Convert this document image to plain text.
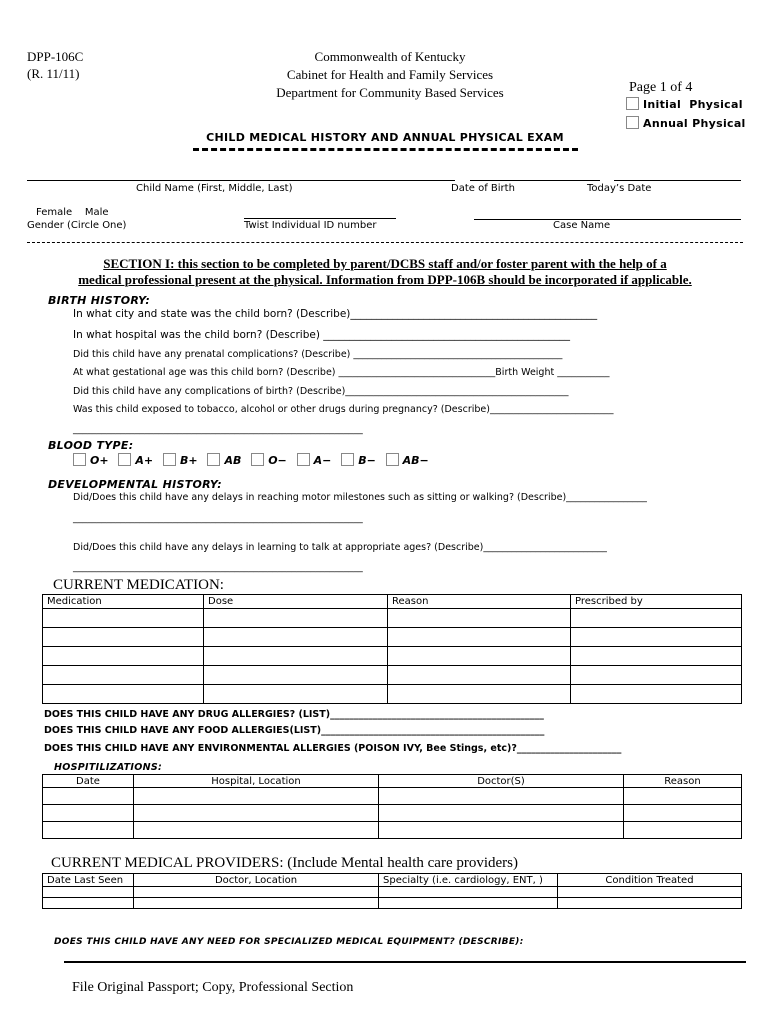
DPP-106C
(R. 11/11)
Commonwealth of Kentucky
Cabinet for Health and Family Services
Department for Community Based Services	Page 1 of 4
Initial  Physical
Annual Physical
CHILD MEDICAL HISTORY AND ANNUAL PHYSICAL EXAM
Child Name (First, Middle, Last)	Date of Birth	Today’s Date
Female    Male
Gender (Circle One)	Twist Individual ID number	Case Name
SECTION I: this section to be completed by parent/DCBS staff and/or foster parent with the help of a
medical professional present at the physical. Information from DPP-106B should be incorporated if applicable.
BIRTH HISTORY:
In what city and state was the child born? (Describe)_______________________________________________
In what hospital was the child born? (Describe) _______________________________________________
Did this child have any prenatal complications? (Describe) ____________________________________________
At what gestational age was this child born? (Describe) _________________________________Birth Weight ___________
Did this child have any complications of birth? (Describe)_______________________________________________
Was this child exposed to tobacco, alcohol or other drugs during pregnancy? (Describe)__________________________
_____________________________________________________________
BLOOD TYPE:
O+ A+ B+ AB O− A− B− AB−
DEVELOPMENTAL HISTORY:
Did/Does this child have any delays in reaching motor milestones such as sitting or walking? (Describe)_________________
_____________________________________________________________
Did/Does this child have any delays in learning to talk at appropriate ages? (Describe)__________________________
_____________________________________________________________
CURRENT MEDICATION:
Medication	Dose	Reason	Prescribed by

DOES THIS CHILD HAVE ANY DRUG ALLERGIES? (LIST)_____________________________________________
DOES THIS CHILD HAVE ANY FOOD ALLERGIES(LIST)_______________________________________________
DOES THIS CHILD HAVE ANY ENVIRONMENTAL ALLERGIES (POISON IVY, Bee Stings, etc)?______________________
HOSPITILIZATIONS:
Date	Hospital, Location	Doctor(S)	Reason

CURRENT MEDICAL PROVIDERS: (Include Mental health care providers)
Date Last Seen	Doctor, Location	Specialty (i.e. cardiology, ENT, )	Condition Treated

DOES THIS CHILD HAVE ANY NEED FOR SPECIALIZED MEDICAL EQUIPMENT? (DESCRIBE):
File Original Passport; Copy, Professional Section
